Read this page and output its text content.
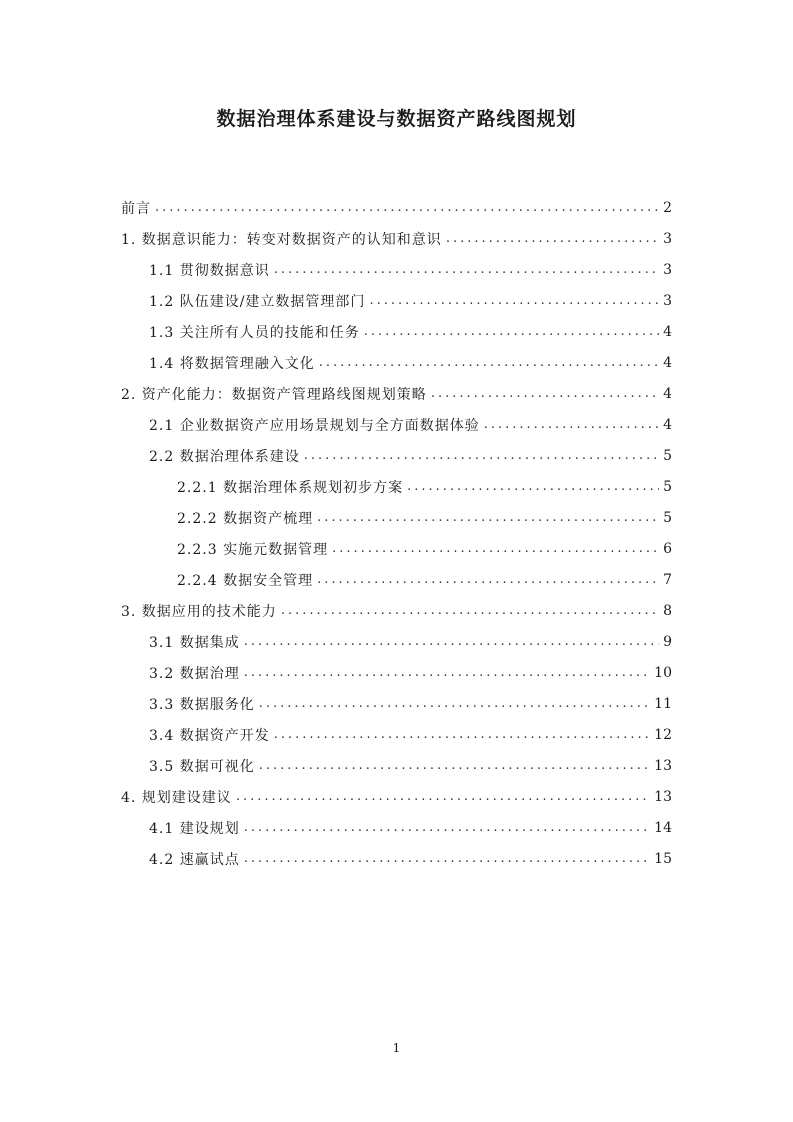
数据治理体系建设与数据资产路线图规划
前言 .....	2
1. 数据意识能力：转变对数据资产的认知和意识 .....	3
1.1 贯彻数据意识 .....	3
1.2 队伍建设/建立数据管理部门 .....	3
1.3 关注所有人员的技能和任务 .....	4
1.4 将数据管理融入文化 .....	4
2. 资产化能力：数据资产管理路线图规划策略 .....	4
2.1 企业数据资产应用场景规划与全方面数据体验 .....	4
2.2 数据治理体系建设 .....	5
2.2.1 数据治理体系规划初步方案 .....	5
2.2.2 数据资产梳理 .....	5
2.2.3 实施元数据管理 .....	6
2.2.4 数据安全管理 .....	7
3. 数据应用的技术能力 .....	8
3.1 数据集成 .....	9
3.2 数据治理 .....	10
3.3 数据服务化 .....	11
3.4 数据资产开发 .....	12
3.5 数据可视化 .....	13
4. 规划建设建议 .....	13
4.1 建设规划 .....	14
4.2 速赢试点 .....	15
1
